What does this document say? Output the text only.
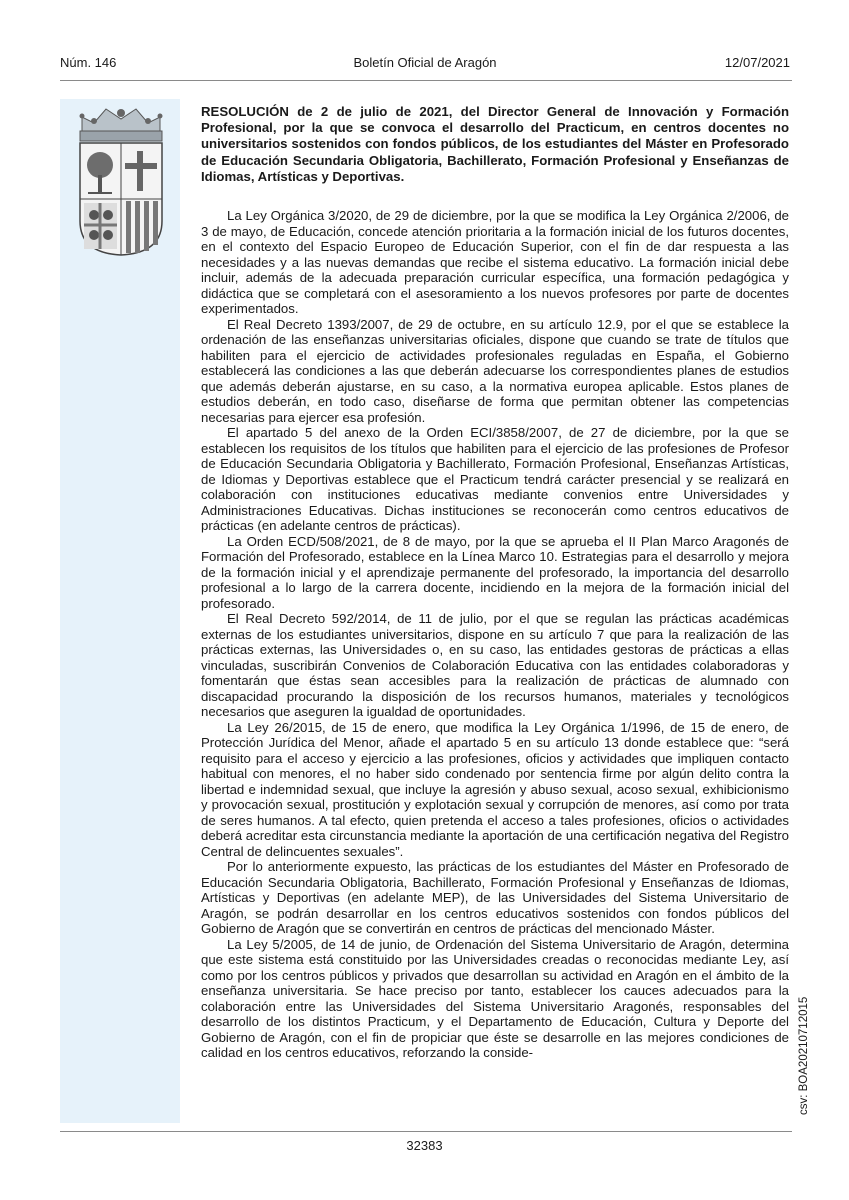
Núm. 146	Boletín Oficial de Aragón	12/07/2021

RESOLUCIÓN de 2 de julio de 2021, del Director General de Innovación y Formación Profesional, por la que se convoca el desarrollo del Practicum, en centros docentes no universitarios sostenidos con fondos públicos, de los estudiantes del Máster en Profesorado de Educación Secundaria Obligatoria, Bachillerato, Formación Profesional y Enseñanzas de Idiomas, Artísticas y Deportivas.

La Ley Orgánica 3/2020, de 29 de diciembre, por la que se modifica la Ley Orgánica 2/2006, de 3 de mayo, de Educación, concede atención prioritaria a la formación inicial de los futuros docentes, en el contexto del Espacio Europeo de Educación Superior, con el fin de dar respuesta a las necesidades y a las nuevas demandas que recibe el sistema educativo. La formación inicial debe incluir, además de la adecuada preparación curricular específica, una formación pedagógica y didáctica que se completará con el asesoramiento a los nuevos profesores por parte de docentes experimentados.

El Real Decreto 1393/2007, de 29 de octubre, en su artículo 12.9, por el que se establece la ordenación de las enseñanzas universitarias oficiales, dispone que cuando se trate de títulos que habiliten para el ejercicio de actividades profesionales reguladas en España, el Gobierno establecerá las condiciones a las que deberán adecuarse los correspondientes planes de estudios que además deberán ajustarse, en su caso, a la normativa europea aplicable. Estos planes de estudios deberán, en todo caso, diseñarse de forma que permitan obtener las competencias necesarias para ejercer esa profesión.

El apartado 5 del anexo de la Orden ECI/3858/2007, de 27 de diciembre, por la que se establecen los requisitos de los títulos que habiliten para el ejercicio de las profesiones de Profesor de Educación Secundaria Obligatoria y Bachillerato, Formación Profesional, Enseñanzas Artísticas, de Idiomas y Deportivas establece que el Practicum tendrá carácter presencial y se realizará en colaboración con instituciones educativas mediante convenios entre Universidades y Administraciones Educativas. Dichas instituciones se reconocerán como centros educativos de prácticas (en adelante centros de prácticas).

La Orden ECD/508/2021, de 8 de mayo, por la que se aprueba el II Plan Marco Aragonés de Formación del Profesorado, establece en la Línea Marco 10. Estrategias para el desarrollo y mejora de la formación inicial y el aprendizaje permanente del profesorado, la importancia del desarrollo profesional a lo largo de la carrera docente, incidiendo en la mejora de la formación inicial del profesorado.

El Real Decreto 592/2014, de 11 de julio, por el que se regulan las prácticas académicas externas de los estudiantes universitarios, dispone en su artículo 7 que para la realización de las prácticas externas, las Universidades o, en su caso, las entidades gestoras de prácticas a ellas vinculadas, suscribirán Convenios de Colaboración Educativa con las entidades colaboradoras y fomentarán que éstas sean accesibles para la realización de prácticas de alumnado con discapacidad procurando la disposición de los recursos humanos, materiales y tecnológicos necesarios que aseguren la igualdad de oportunidades.

La Ley 26/2015, de 15 de enero, que modifica la Ley Orgánica 1/1996, de 15 de enero, de Protección Jurídica del Menor, añade el apartado 5 en su artículo 13 donde establece que: “será requisito para el acceso y ejercicio a las profesiones, oficios y actividades que impliquen contacto habitual con menores, el no haber sido condenado por sentencia firme por algún delito contra la libertad e indemnidad sexual, que incluye la agresión y abuso sexual, acoso sexual, exhibicionismo y provocación sexual, prostitución y explotación sexual y corrupción de menores, así como por trata de seres humanos. A tal efecto, quien pretenda el acceso a tales profesiones, oficios o actividades deberá acreditar esta circunstancia mediante la aportación de una certificación negativa del Registro Central de delincuentes sexuales”.

Por lo anteriormente expuesto, las prácticas de los estudiantes del Máster en Profesorado de Educación Secundaria Obligatoria, Bachillerato, Formación Profesional y Enseñanzas de Idiomas, Artísticas y Deportivas (en adelante MEP), de las Universidades del Sistema Universitario de Aragón, se podrán desarrollar en los centros educativos sostenidos con fondos públicos del Gobierno de Aragón que se convertirán en centros de prácticas del mencionado Máster.

La Ley 5/2005, de 14 de junio, de Ordenación del Sistema Universitario de Aragón, determina que este sistema está constituido por las Universidades creadas o reconocidas mediante Ley, así como por los centros públicos y privados que desarrollan su actividad en Aragón en el ámbito de la enseñanza universitaria. Se hace preciso por tanto, establecer los cauces adecuados para la colaboración entre las Universidades del Sistema Universitario Aragonés, responsables del desarrollo de los distintos Practicum, y el Departamento de Educación, Cultura y Deporte del Gobierno de Aragón, con el fin de propiciar que éste se desarrolle en las mejores condiciones de calidad en los centros educativos, reforzando la conside-

32383
csv: BOA20210712015
